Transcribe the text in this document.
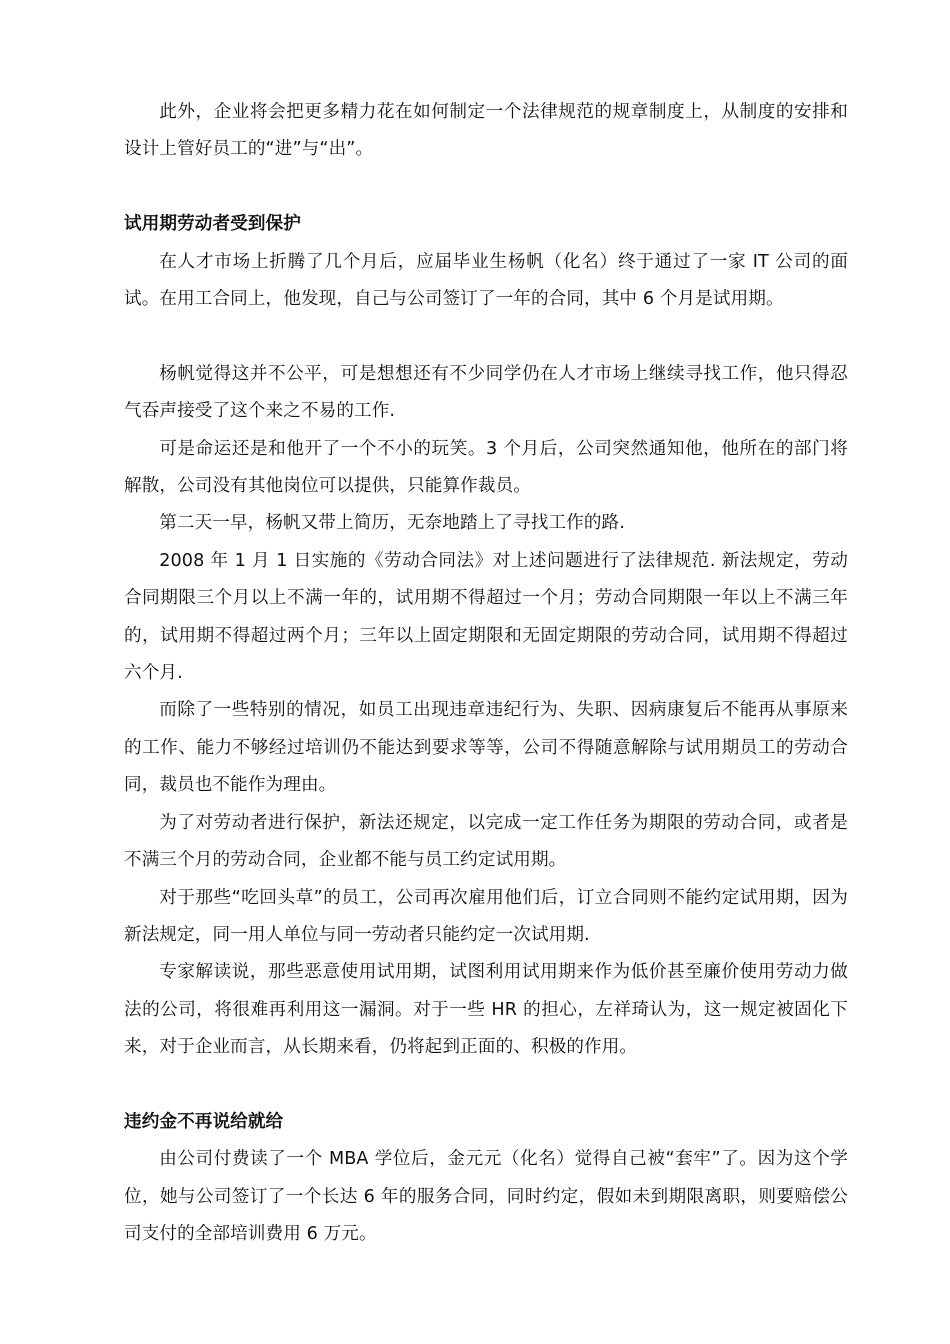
此外，企业将会把更多精力花在如何制定一个法律规范的规章制度上，从制度的安排和设计上管好员工的“进”与“出”。

试用期劳动者受到保护

在人才市场上折腾了几个月后，应届毕业生杨帆（化名）终于通过了一家 IT 公司的面试。在用工合同上，他发现，自己与公司签订了一年的合同，其中 6 个月是试用期。

杨帆觉得这并不公平，可是想想还有不少同学仍在人才市场上继续寻找工作，他只得忍气吞声接受了这个来之不易的工作.

可是命运还是和他开了一个不小的玩笑。3 个月后，公司突然通知他，他所在的部门将解散，公司没有其他岗位可以提供，只能算作裁员。

第二天一早，杨帆又带上简历，无奈地踏上了寻找工作的路.

2008 年 1 月 1 日实施的《劳动合同法》对上述问题进行了法律规范. 新法规定，劳动合同期限三个月以上不满一年的，试用期不得超过一个月；劳动合同期限一年以上不满三年的，试用期不得超过两个月；三年以上固定期限和无固定期限的劳动合同，试用期不得超过六个月.

而除了一些特别的情况，如员工出现违章违纪行为、失职、因病康复后不能再从事原来的工作、能力不够经过培训仍不能达到要求等等，公司不得随意解除与试用期员工的劳动合同，裁员也不能作为理由。

为了对劳动者进行保护，新法还规定，以完成一定工作任务为期限的劳动合同，或者是不满三个月的劳动合同，企业都不能与员工约定试用期。

对于那些“吃回头草”的员工，公司再次雇用他们后，订立合同则不能约定试用期，因为新法规定，同一用人单位与同一劳动者只能约定一次试用期.

专家解读说，那些恶意使用试用期，试图利用试用期来作为低价甚至廉价使用劳动力做法的公司，将很难再利用这一漏洞。对于一些 HR 的担心，左祥琦认为，这一规定被固化下来，对于企业而言，从长期来看，仍将起到正面的、积极的作用。

违约金不再说给就给

由公司付费读了一个 MBA 学位后，金元元（化名）觉得自己被“套牢”了。因为这个学位，她与公司签订了一个长达 6 年的服务合同，同时约定，假如未到期限离职，则要赔偿公司支付的全部培训费用 6 万元。
